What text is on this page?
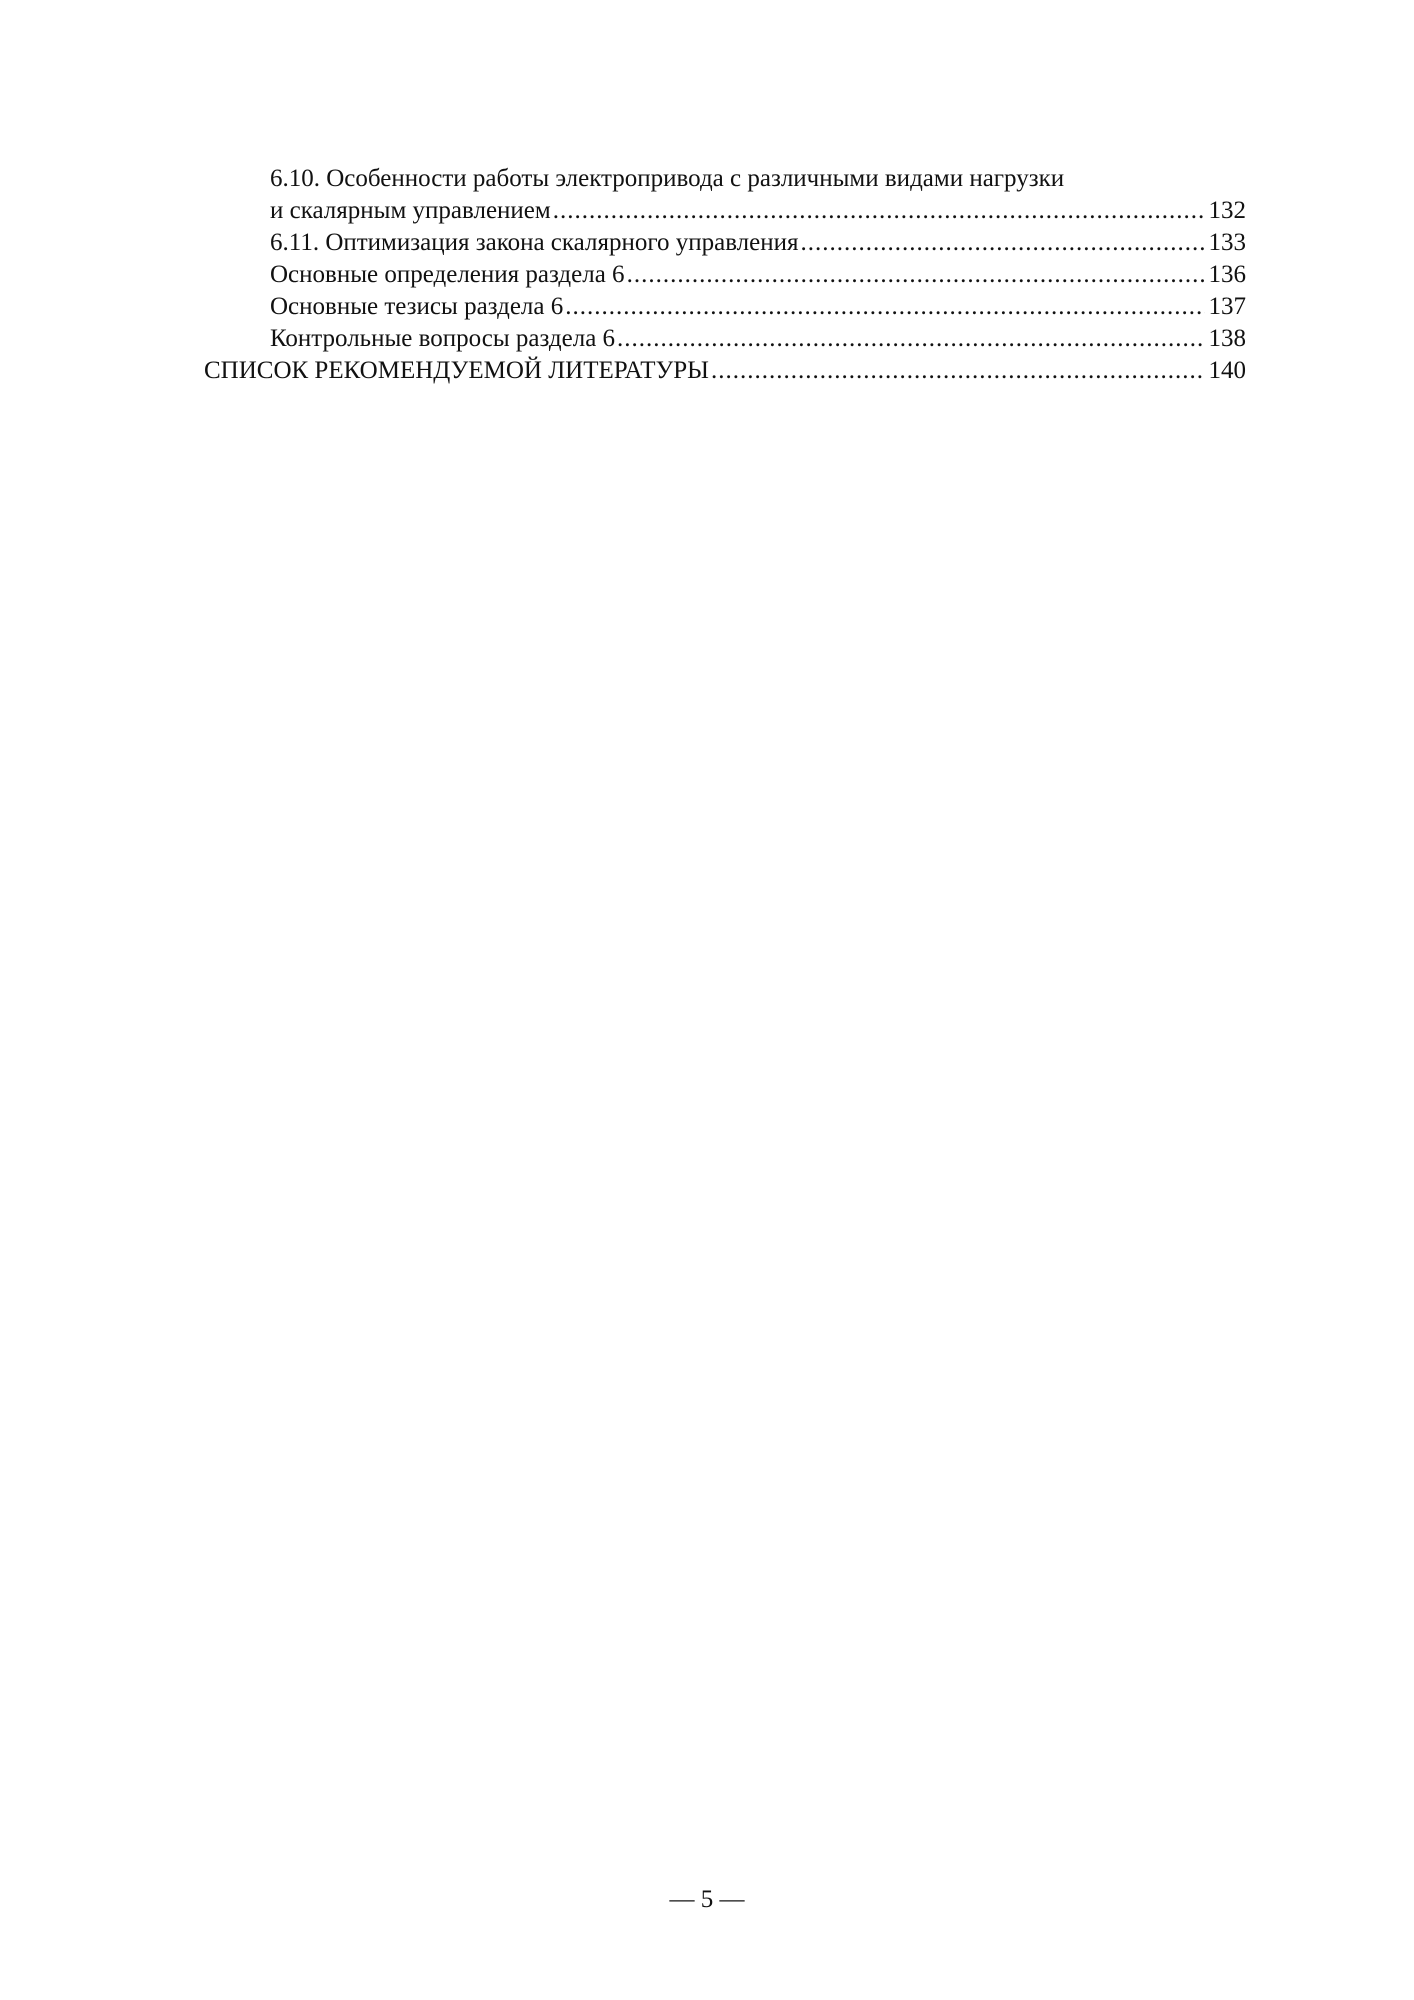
6.10. Особенности работы электропривода с различными видами нагрузки
и скалярным управлением .....	132
6.11. Оптимизация закона скалярного управления .....	133
Основные определения раздела 6 .....	136
Основные тезисы раздела 6 .....	137
Контрольные вопросы раздела 6 .....	138
СПИСОК РЕКОМЕНДУЕМОЙ ЛИТЕРАТУРЫ .....	140
— 5 —
